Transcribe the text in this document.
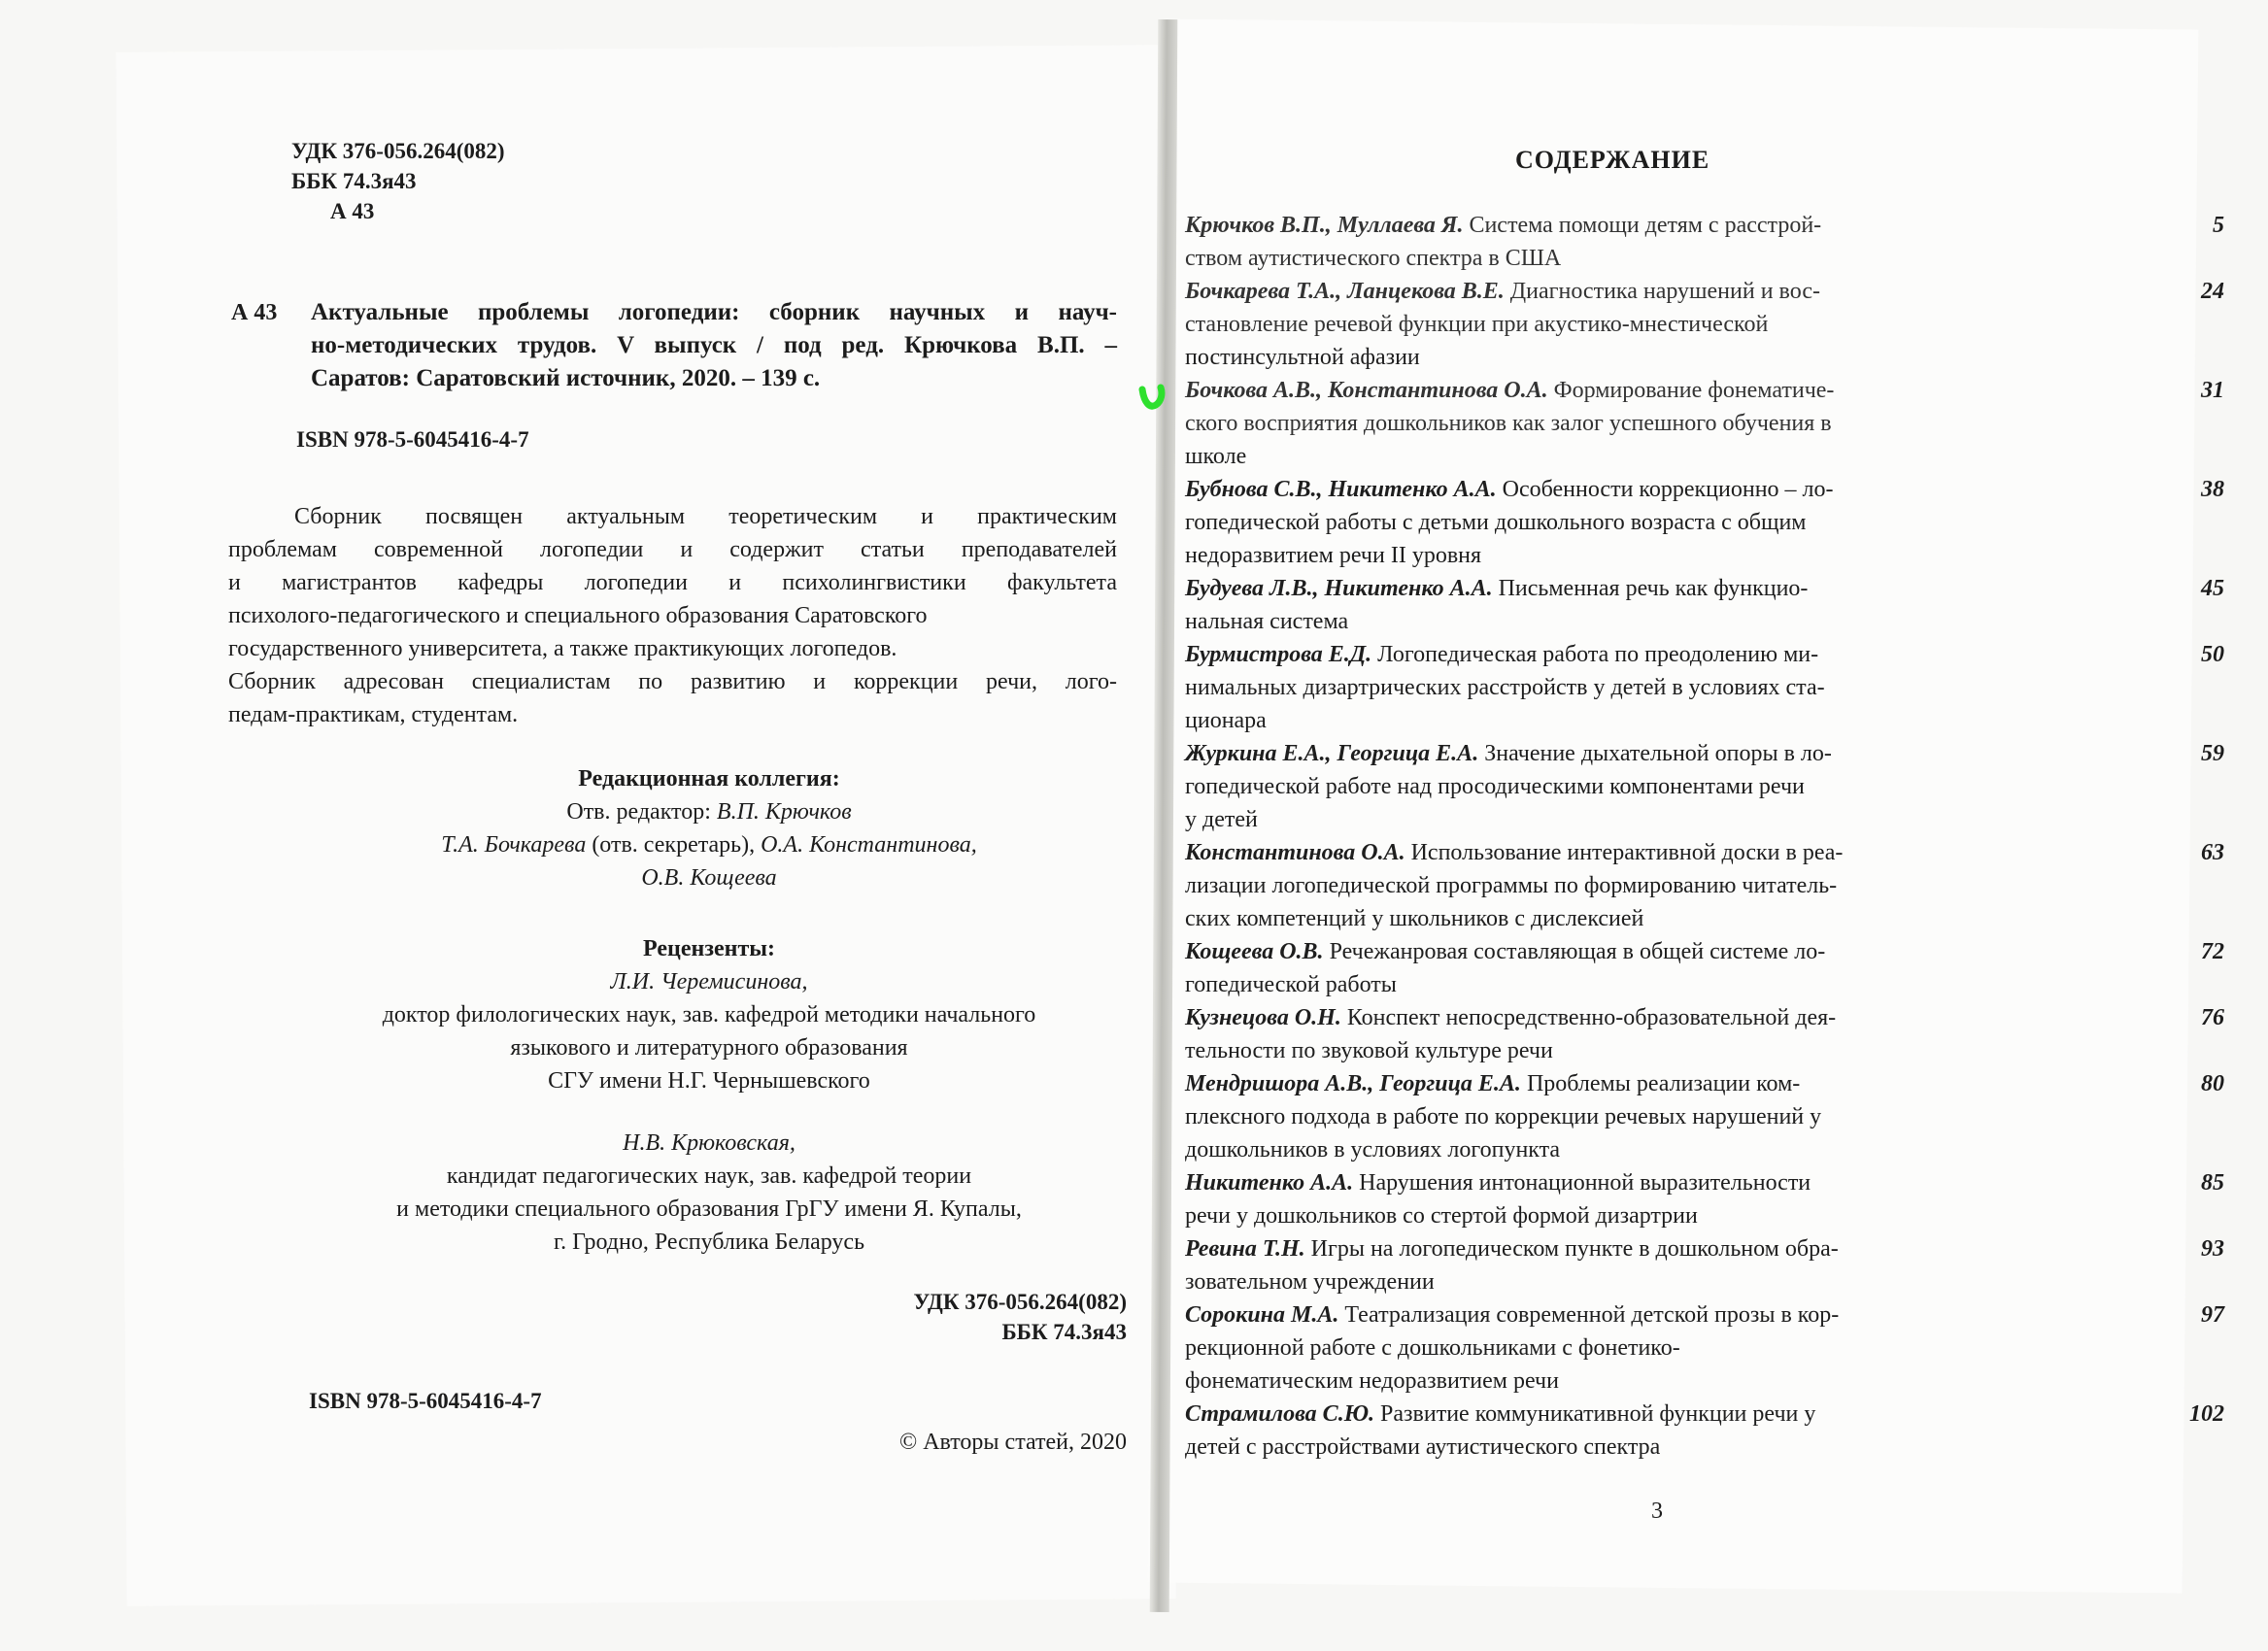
УДК 376-056.264(082)
ББК 74.3я43
А 43
А 43 Актуальные проблемы логопедии: сборник научных и науч-
но-методических трудов. V выпуск / под ред. Крючкова В.П. –
Саратов: Саратовский источник, 2020. – 139 с.
ISBN 978-5-6045416-4-7
Сборник посвящен актуальным теоретическим и практическим
проблемам современной логопедии и содержит статьи преподавателей
и магистрантов кафедры логопедии и психолингвистики факультета
психолого-педагогического и специального образования Саратовского
государственного университета, а также практикующих логопедов.
Сборник адресован специалистам по развитию и коррекции речи, лого-
педам-практикам, студентам.
Редакционная коллегия:
Отв. редактор: В.П. Крючков
Т.А. Бочкарева (отв. секретарь), О.А. Константинова,
О.В. Кощеева
Рецензенты:
Л.И. Черемисинова,
доктор филологических наук, зав. кафедрой методики начального
языкового и литературного образования
СГУ имени Н.Г. Чернышевского
Н.В. Крюковская,
кандидат педагогических наук, зав. кафедрой теории
и методики специального образования ГрГУ имени Я. Купалы,
г. Гродно, Республика Беларусь
УДК 376-056.264(082)
ББК 74.3я43
ISBN 978-5-6045416-4-7
© Авторы статей, 2020
СОДЕРЖАНИЕ
Крючков В.П., Муллаева Я. Система помощи детям с расстрой-
ством аутистического спектра в США
5
Бочкарева Т.А., Ланцекова В.Е. Диагностика нарушений и вос-
становление речевой функции при акустико-мнестической
постинсультной афазии
24
Бочкова А.В., Константинова О.А. Формирование фонематиче-
ского восприятия дошкольников как залог успешного обучения в
школе
31
Бубнова С.В., Никитенко А.А. Особенности коррекционно – ло-
гопедической работы с детьми дошкольного возраста с общим
недоразвитием речи II уровня
38
Будуева Л.В., Никитенко А.А. Письменная речь как функцио-
нальная система
45
Бурмистрова Е.Д. Логопедическая работа по преодолению ми-
нимальных дизартрических расстройств у детей в условиях ста-
ционара
50
Журкина Е.А., Георгица Е.А. Значение дыхательной опоры в ло-
гопедической работе над просодическими компонентами речи
у детей
59
Константинова О.А. Использование интерактивной доски в реа-
лизации логопедической программы по формированию читатель-
ских компетенций у школьников с дислексией
63
Кощеева О.В. Речежанровая составляющая в общей системе ло-
гопедической работы
72
Кузнецова О.Н. Конспект непосредственно-образовательной дея-
тельности по звуковой культуре речи
76
Мендришора А.В., Георгица Е.А. Проблемы реализации ком-
плексного подхода в работе по коррекции речевых нарушений у
дошкольников в условиях логопункта
80
Никитенко А.А. Нарушения интонационной выразительности
речи у дошкольников со стертой формой дизартрии
85
Ревина Т.Н. Игры на логопедическом пункте в дошкольном обра-
зовательном учреждении
93
Сорокина М.А. Театрализация современной детской прозы в кор-
рекционной работе с дошкольниками с фонетико-
фонематическим недоразвитием речи
97
Страмилова С.Ю. Развитие коммуникативной функции речи у
детей с расстройствами аутистического спектра
102
3
